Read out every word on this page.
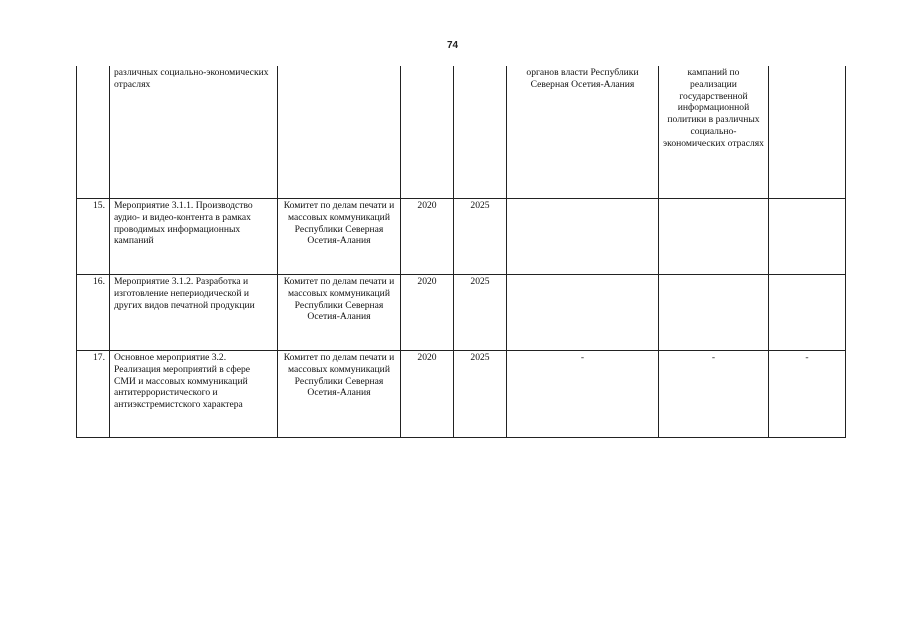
74
	различных социально-экономических отраслях				органов власти Республики Северная Осетия-Алания	кампаний по реализации государственной информационной политики в различных социально-экономических отраслях	
15.	Мероприятие 3.1.1. Производство аудио- и видео-контента в рамках проводимых информационных кампаний	Комитет по делам печати и массовых коммуникаций Республики Северная Осетия-Алания	2020	2025			
16.	Мероприятие 3.1.2. Разработка и изготовление непериодической и других видов печатной продукции	Комитет по делам печати и массовых коммуникаций Республики Северная Осетия-Алания	2020	2025			
17.	Основное мероприятие 3.2. Реализация мероприятий в сфере СМИ и массовых коммуникаций антитеррористического и антиэкстремистского характера	Комитет по делам печати и массовых коммуникаций Республики Северная Осетия-Алания	2020	2025	-	-	-
